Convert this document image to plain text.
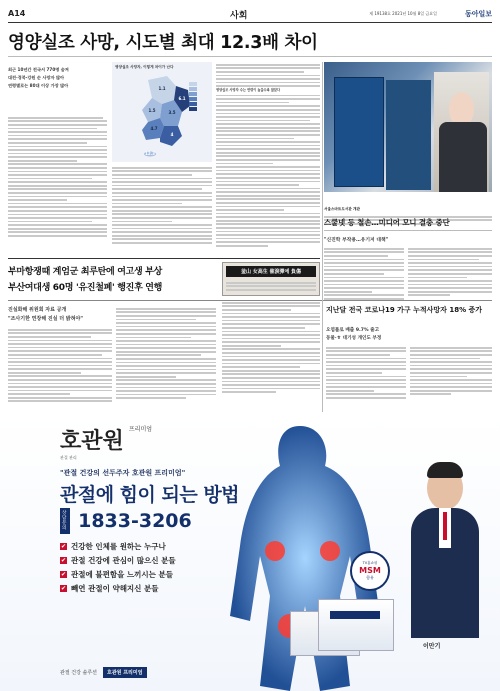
A14	사회	제 19138호 2021년 10월 8일 금요일	동아일보
영양실조 사망, 시도별 최대 12.3배 차이
최근 10년간 전국서 770명 숨져
대전·경북·강원 순 사망자 많아
연령별로는 80대 이상 가장 많아
영양실조 사망자, 이렇게 차이가 난다
1.1
1.5	3.5
4.7
4
6.1
12.3
영양실조 사망자 수는 연령이 높을수록 많았다
서울스마트도서관 개관
스쿨넷 등 철손…미디어 모니 결충 중단
"신진학 부작용…유기저 대책"
부마항쟁때 계엄군 최루탄에 여고생 부상
부산여대생 60명 '유진철폐' 행진후 연행
釜山 女高生 催淚彈에 負傷
진실화해 위원회 자료 공개
"조사기한 연장해 진실 더 밝혀야"
지난달 전국 코로나19 가구 누적사망자 18% 증가
오염률로 배출 9.7% 줄고
동물·ㅎ 대기성 개인도 부정
호관원 $^{프리미엄}$
관절 관리
"관절 건강의 선두주자 호관원 프리미엄"
관절에 힘이 되는 방법
상담문의 1833-3206
✔ 건강한 인체를 원하는 누구나
✔ 관절 건강에 관심이 많으신 분들
✔ 관절에 불편함을 느끼시는 분들
✔ 빼연 관절이 약해지신 분들
TV홈쇼핑
MSM
함유
이만기
관절 건강 솔루션	호관원 프리미엄
